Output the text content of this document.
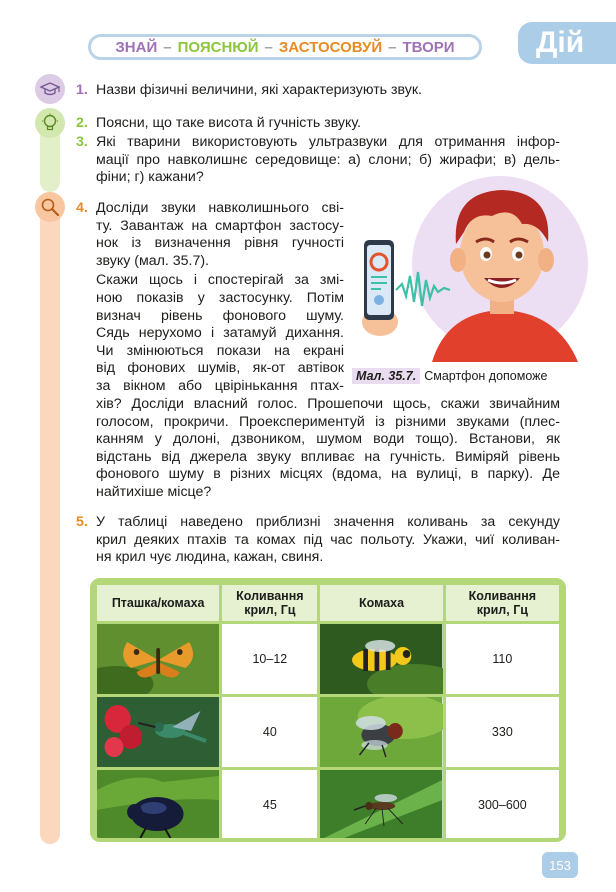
ЗНАЙ – ПОЯСНЮЙ – ЗАСТОСОВУЙ – ТВОРИ	Дій
1. Назви фізичні величини, які характеризують звук.
2. Поясни, що таке висота й гучність звуку.
3. Які тварини використовують ультразвуки для отримання інфор-
мації про навколишнє середовище: а) слони; б) жирафи; в) дель-
фіни; г) кажани?
4. Досліди звуки навколишнього сві-
ту. Завантаж на смартфон застосу-
нок із визначення рівня гучності
звуку (мал. 35.7).
Скажи щось і спостерігай за змі-
ною показів у застосунку. Потім
визнач рівень фонового шуму.
Сядь нерухомо і затамуй дихання.
Чи змінюються покази на екрані
від фонових шумів, як-от автівок
за вікном або цвірінькання птах-
хів? Досліди власний голос. Прошепочи щось, скажи звичайним
голосом, прокричи. Проекспериментуй із різними звуками (плес-
канням у долоні, дзвоником, шумом води тощо). Встанови, як
відстань від джерела звуку впливає на гучність. Виміряй рівень
фонового шуму в різних місцях (вдома, на вулиці, в парку). Де
найтихіше місце?
Мал. 35.7. Смартфон допоможе
5. У таблиці наведено приблизні значення коливань за секунду
крил деяких птахів та комах під час польоту. Укажи, чиї коливан-
ня крил чує людина, кажан, свиня.
Пташка/комаха	Коливання
крил, Гц	Комаха	Коливання
крил, Гц

	10–12		110

	40		330

	45		300–600
153
